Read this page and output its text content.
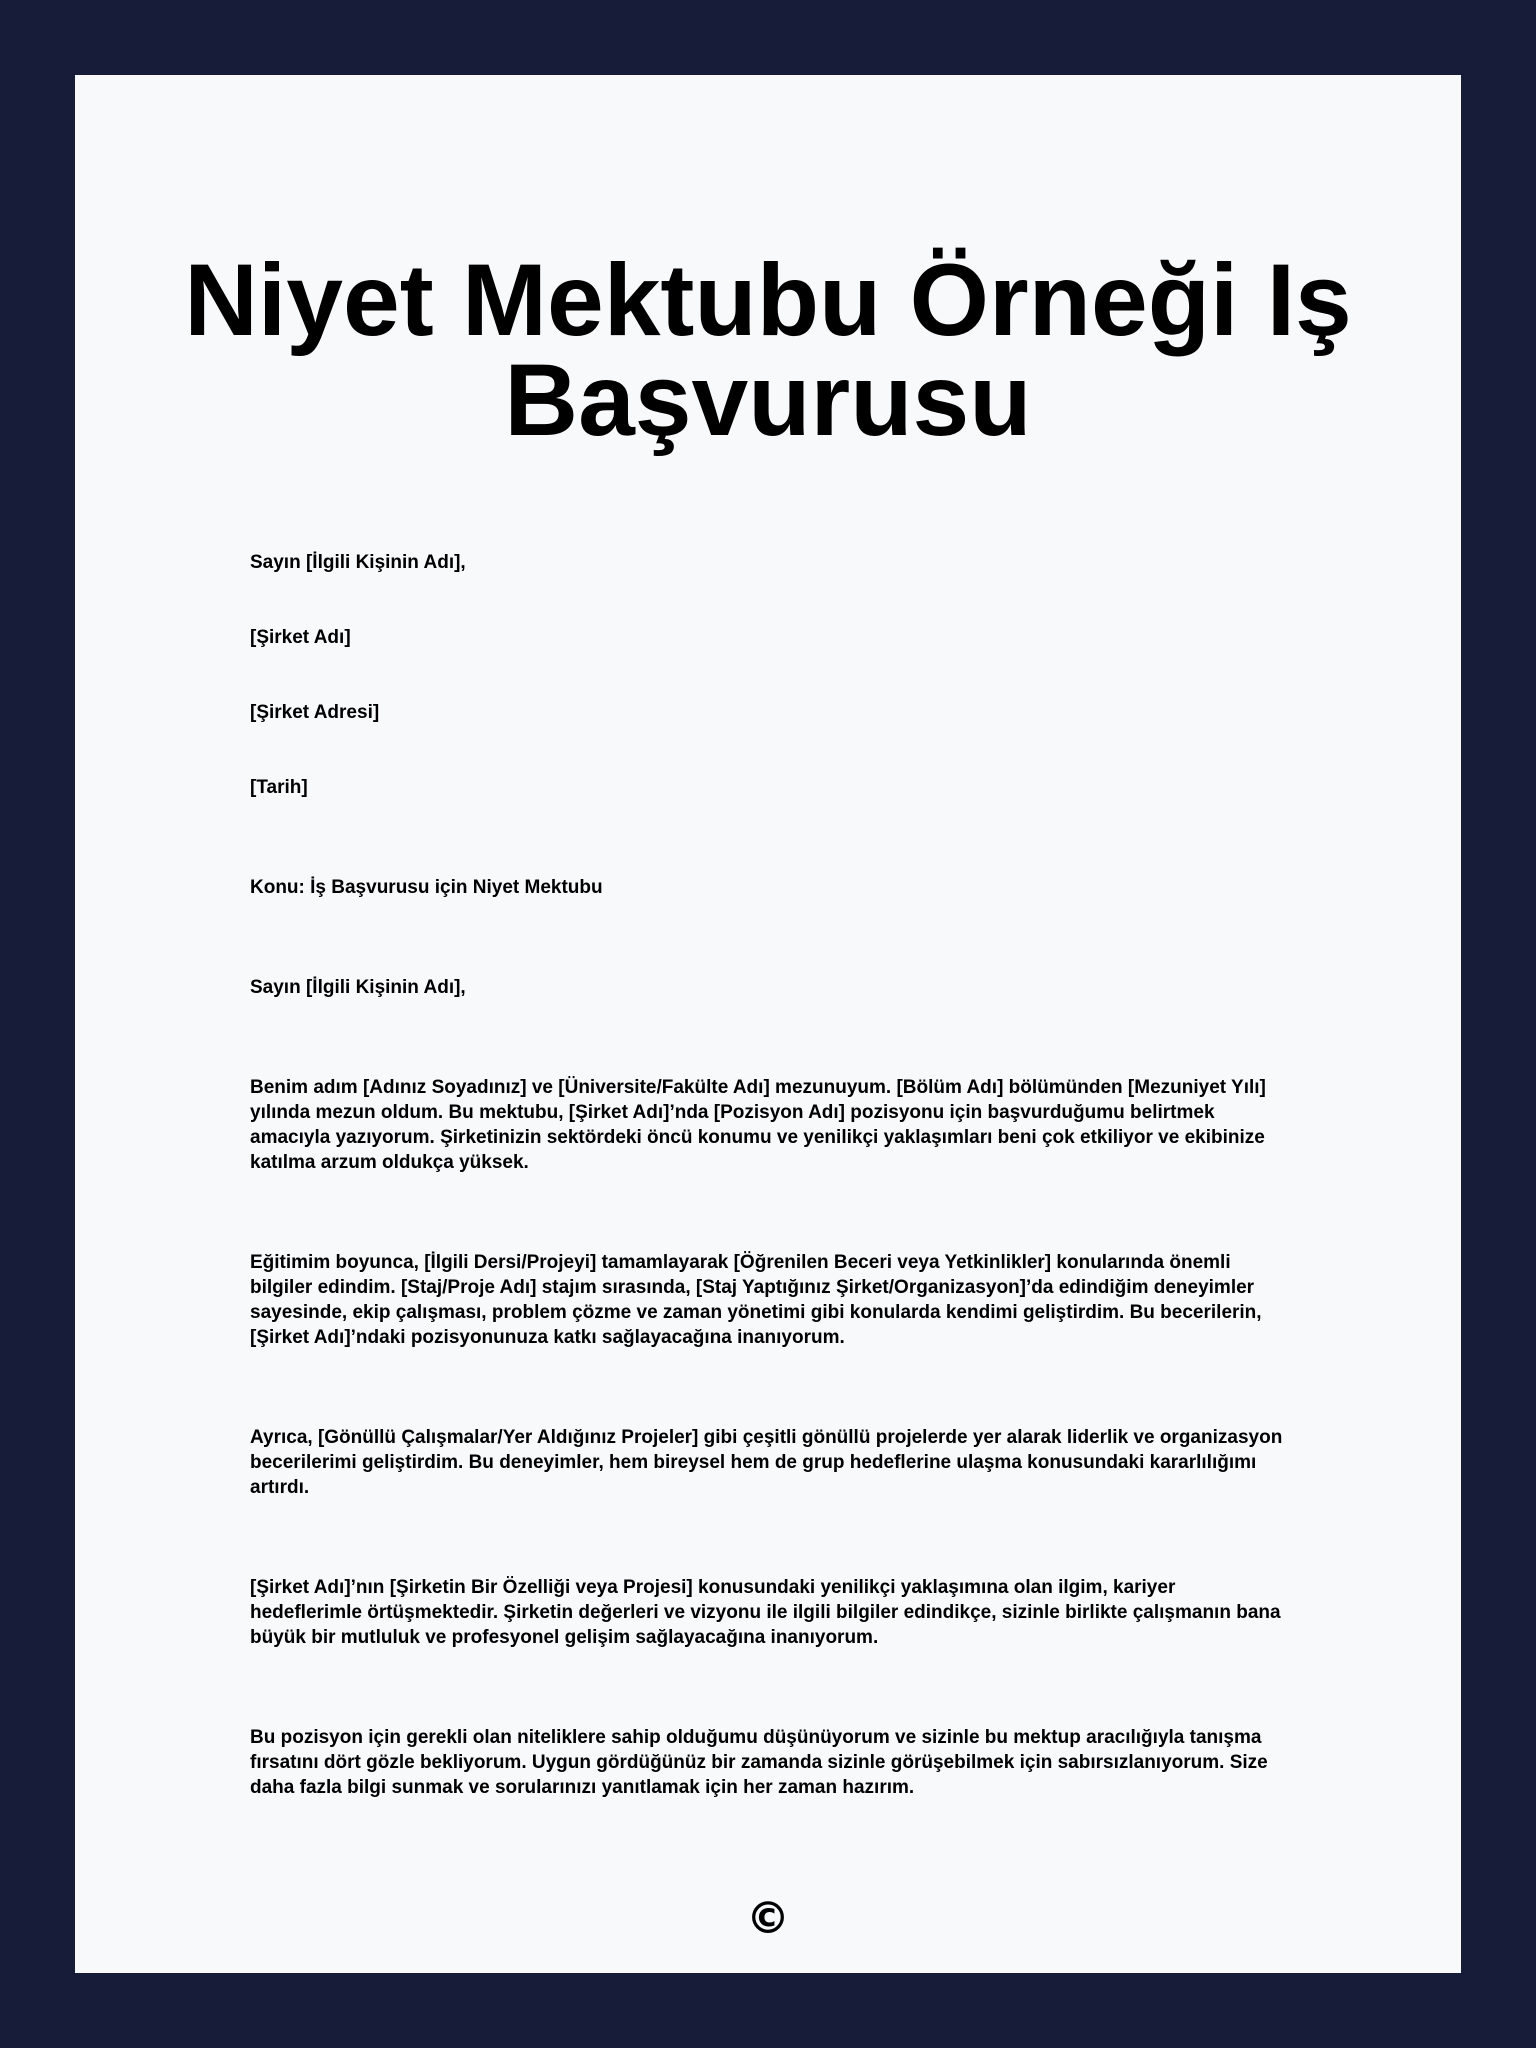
Niyet Mektubu Örneği Iş Başvurusu

Sayın [İlgili Kişinin Adı],

[Şirket Adı]

[Şirket Adresi]

[Tarih]

Konu: İş Başvurusu için Niyet Mektubu

Sayın [İlgili Kişinin Adı],

Benim adım [Adınız Soyadınız] ve [Üniversite/Fakülte Adı] mezunuyum. [Bölüm Adı] bölümünden [Mezuniyet Yılı] yılında mezun oldum. Bu mektubu, [Şirket Adı]’nda [Pozisyon Adı] pozisyonu için başvurduğumu belirtmek amacıyla yazıyorum. Şirketinizin sektördeki öncü konumu ve yenilikçi yaklaşımları beni çok etkiliyor ve ekibinize katılma arzum oldukça yüksek.

Eğitimim boyunca, [İlgili Dersi/Projeyi] tamamlayarak [Öğrenilen Beceri veya Yetkinlikler] konularında önemli bilgiler edindim. [Staj/Proje Adı] stajım sırasında, [Staj Yaptığınız Şirket/Organizasyon]’da edindiğim deneyimler sayesinde, ekip çalışması, problem çözme ve zaman yönetimi gibi konularda kendimi geliştirdim. Bu becerilerin, [Şirket Adı]’ndaki pozisyonunuza katkı sağlayacağına inanıyorum.

Ayrıca, [Gönüllü Çalışmalar/Yer Aldığınız Projeler] gibi çeşitli gönüllü projelerde yer alarak liderlik ve organizasyon becerilerimi geliştirdim. Bu deneyimler, hem bireysel hem de grup hedeflerine ulaşma konusundaki kararlılığımı artırdı.

[Şirket Adı]’nın [Şirketin Bir Özelliği veya Projesi] konusundaki yenilikçi yaklaşımına olan ilgim, kariyer hedeflerimle örtüşmektedir. Şirketin değerleri ve vizyonu ile ilgili bilgiler edindikçe, sizinle birlikte çalışmanın bana büyük bir mutluluk ve profesyonel gelişim sağlayacağına inanıyorum.

Bu pozisyon için gerekli olan niteliklere sahip olduğumu düşünüyorum ve sizinle bu mektup aracılığıyla tanışma fırsatını dört gözle bekliyorum. Uygun gördüğünüz bir zamanda sizinle görüşebilmek için sabırsızlanıyorum. Size daha fazla bilgi sunmak ve sorularınızı yanıtlamak için her zaman hazırım.

©
